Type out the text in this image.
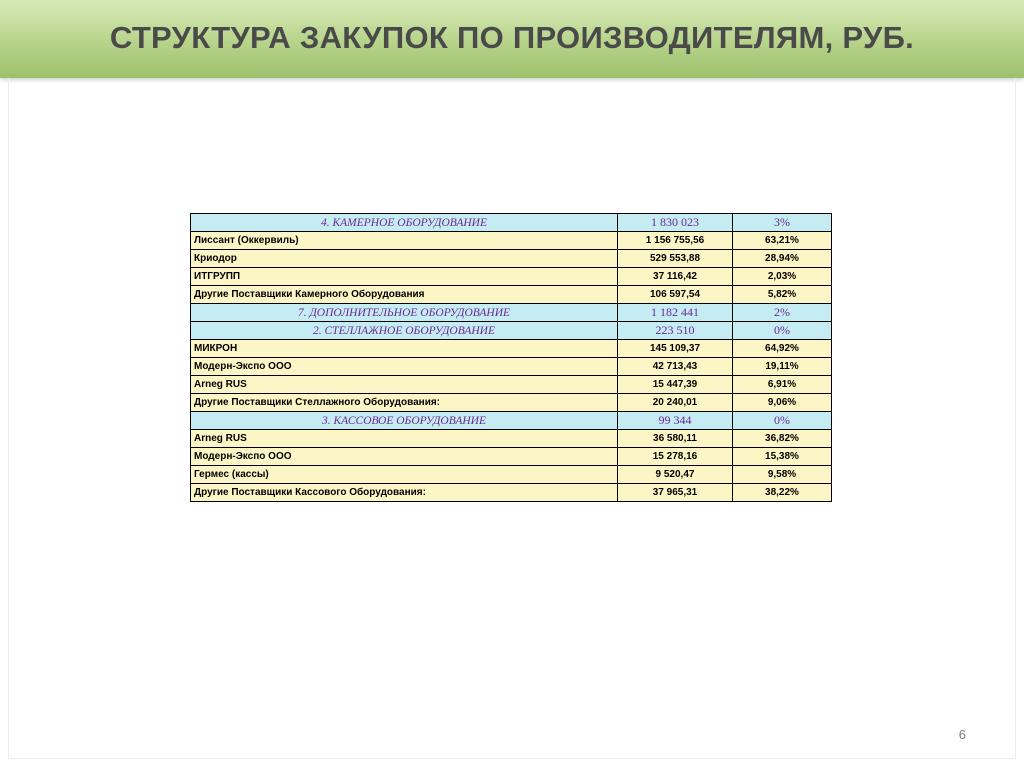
СТРУКТУРА ЗАКУПОК ПО ПРОИЗВОДИТЕЛЯМ, РУБ.
4. КАМЕРНОЕ ОБОРУДОВАНИЕ	1 830 023	3%
Лиссант (Оккервиль)	1 156 755,56	63,21%
Криодор	529 553,88	28,94%
ИТГРУПП	37 116,42	2,03%
Другие Поставщики Камерного Оборудования	106 597,54	5,82%
7. ДОПОЛНИТЕЛЬНОЕ ОБОРУДОВАНИЕ	1 182 441	2%
2. СТЕЛЛАЖНОЕ ОБОРУДОВАНИЕ	223 510	0%
МИКРОН	145 109,37	64,92%
Модерн-Экспо ООО	42 713,43	19,11%
Arneg RUS	15 447,39	6,91%
Другие Поставщики Стеллажного Оборудования:	20 240,01	9,06%
3. КАССОВОЕ ОБОРУДОВАНИЕ	99 344	0%
Arneg RUS	36 580,11	36,82%
Модерн-Экспо ООО	15 278,16	15,38%
Гермес (кассы)	9 520,47	9,58%
Другие Поставщики Кассового Оборудования:	37 965,31	38,22%
6
